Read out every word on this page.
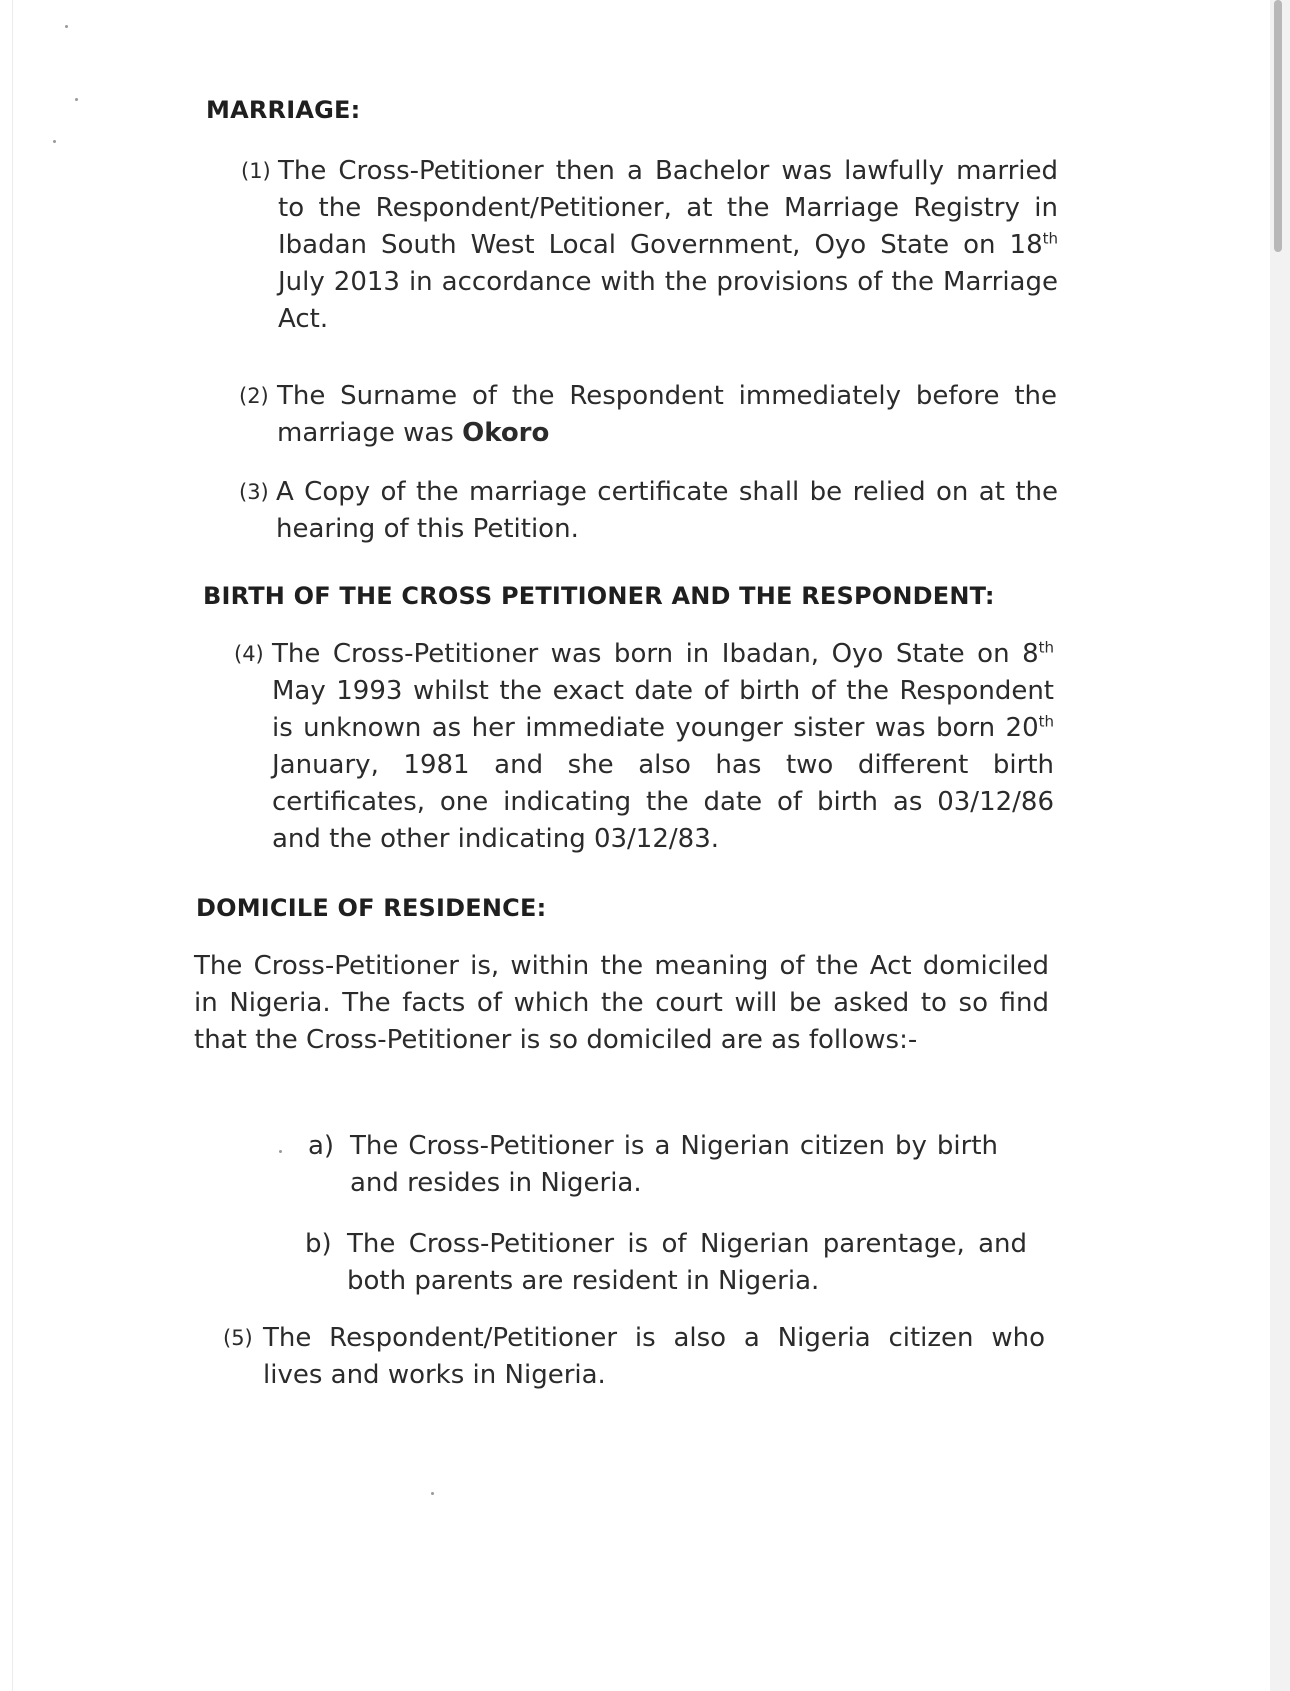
MARRIAGE:
(1) The Cross-Petitioner then a Bachelor was lawfully married to the Respondent/Petitioner, at the Marriage Registry in Ibadan South West Local Government, Oyo State on 18th July 2013 in accordance with the provisions of the Marriage Act.
(2) The Surname of the Respondent immediately before the marriage was Okoro
(3) A Copy of the marriage certificate shall be relied on at the hearing of this Petition.
BIRTH OF THE CROSS PETITIONER AND THE RESPONDENT:
(4) The Cross-Petitioner was born in Ibadan, Oyo State on 8th May 1993 whilst the exact date of birth of the Respondent is unknown as her immediate younger sister was born 20th January, 1981 and she also has two different birth certificates, one indicating the date of birth as 03/12/86 and the other indicating 03/12/83.
DOMICILE OF RESIDENCE:
The Cross-Petitioner is, within the meaning of the Act domiciled in Nigeria. The facts of which the court will be asked to so find that the Cross-Petitioner is so domiciled are as follows:-
a) The Cross-Petitioner is a Nigerian citizen by birth and resides in Nigeria.
b) The Cross-Petitioner is of Nigerian parentage, and both parents are resident in Nigeria.
(5) The Respondent/Petitioner is also a Nigeria citizen who lives and works in Nigeria.
